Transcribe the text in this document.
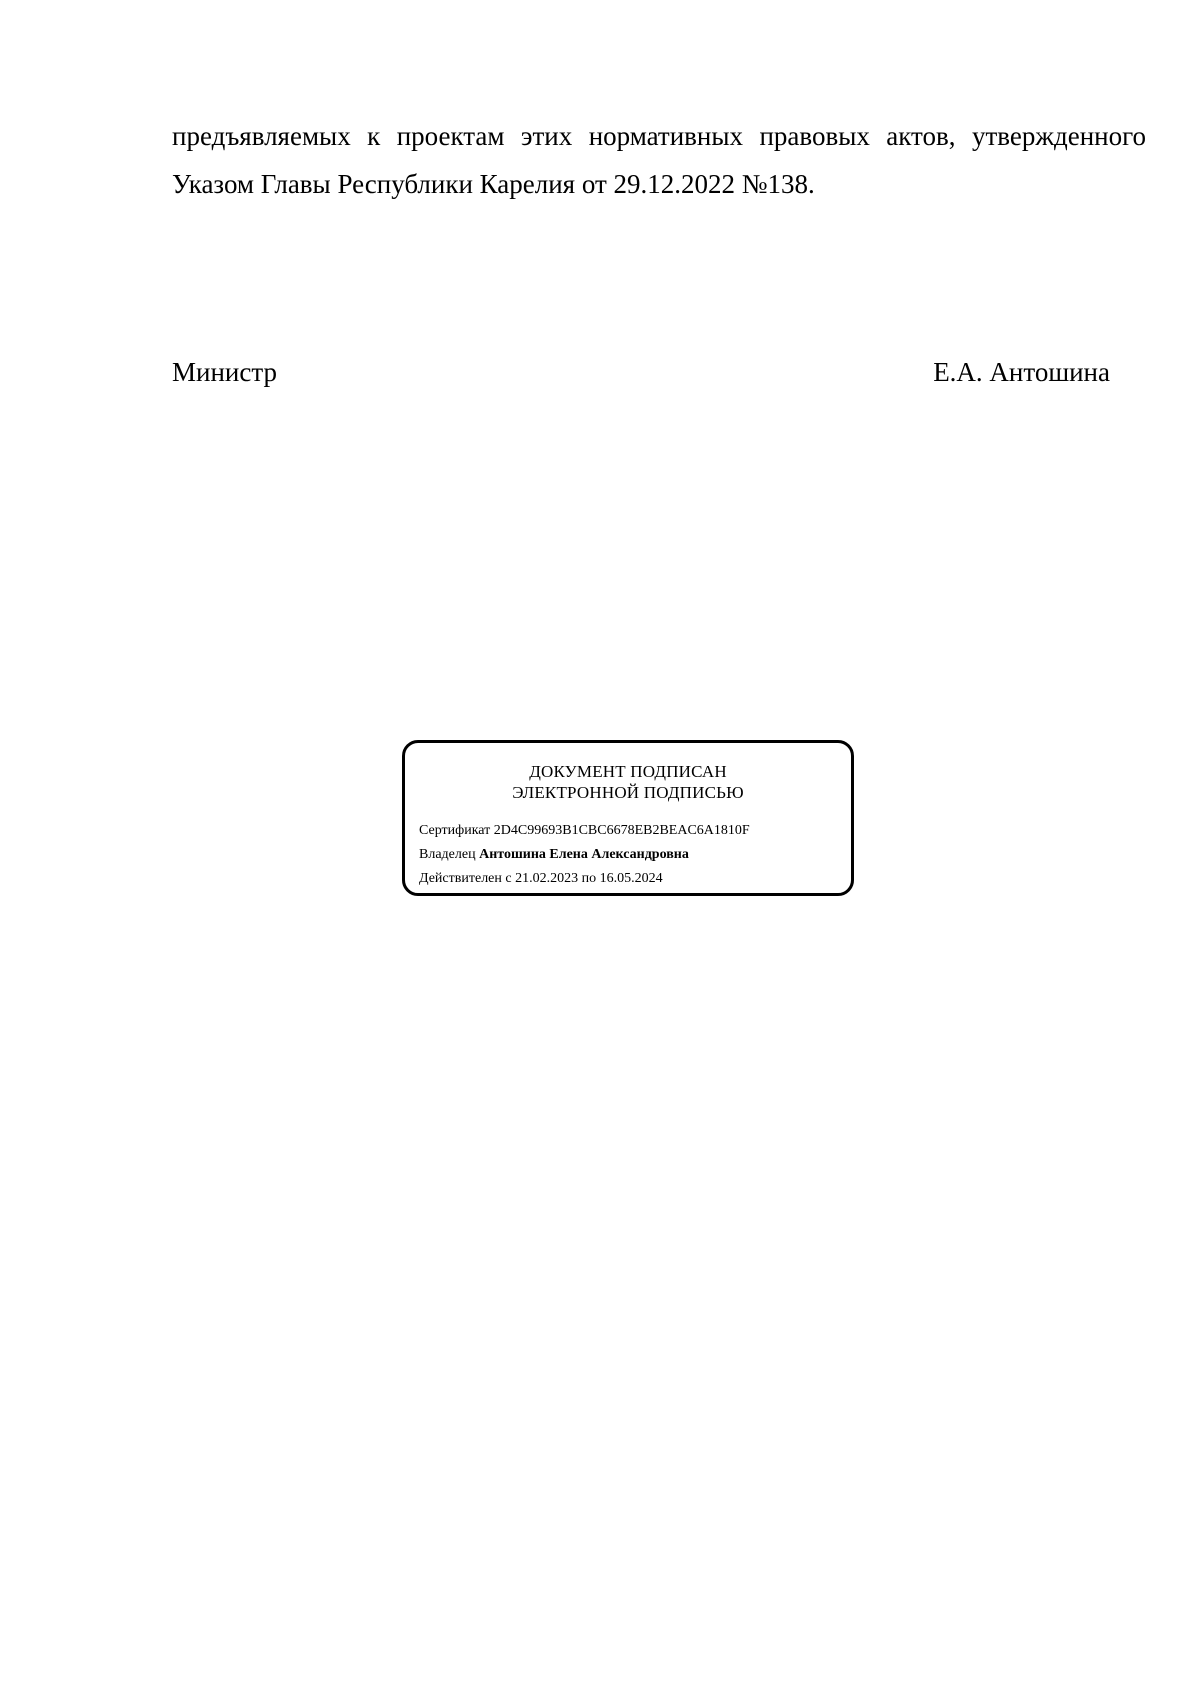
предъявляемых к проектам этих нормативных правовых актов, утвержденного

Указом Главы Республики Карелия от 29.12.2022 №138.

Министр	Е.А. Антошина
ДОКУМЕНТ ПОДПИСАН
ЭЛЕКТРОННОЙ ПОДПИСЬЮ
Сертификат 2D4C99693B1CBC6678EB2BEAC6A1810F
Владелец Антошина Елена Александровна
Действителен с 21.02.2023 по 16.05.2024
